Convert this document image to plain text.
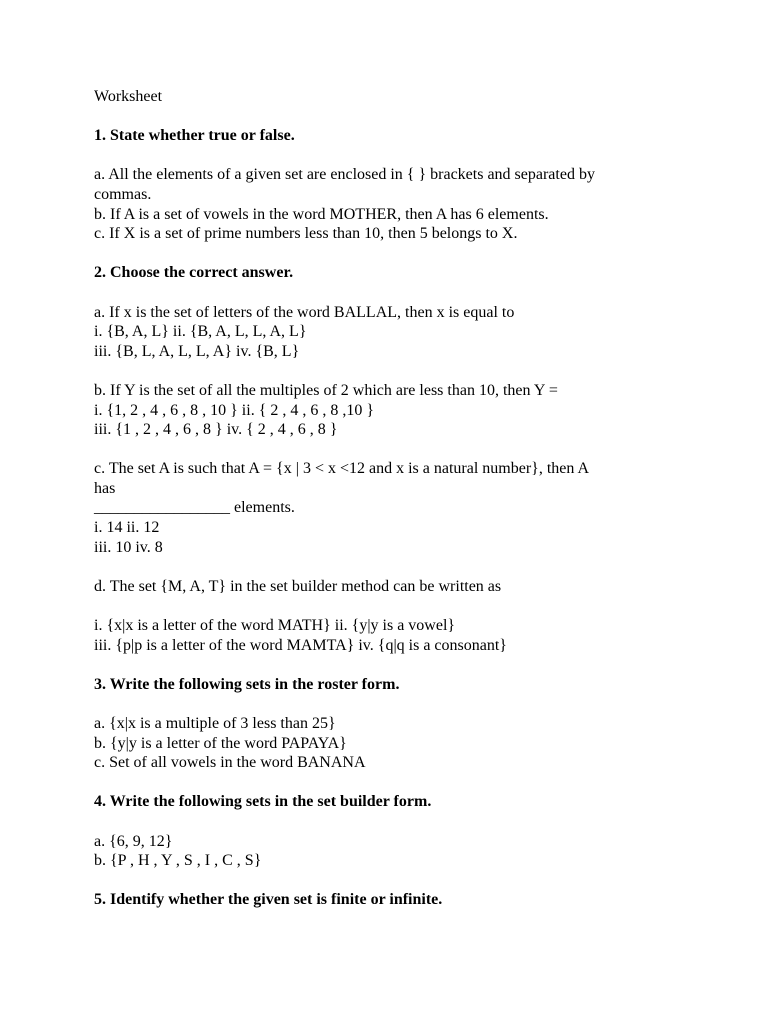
Worksheet
1. State whether true or false.
a. All the elements of a given set are enclosed in { } brackets and separated by
commas.
b. If A is a set of vowels in the word MOTHER, then A has 6 elements.
c. If X is a set of prime numbers less than 10, then 5 belongs to X.
2. Choose the correct answer.
a. If x is the set of letters of the word BALLAL, then x is equal to
i. {B, A, L} ii. {B, A, L, L, A, L}
iii. {B, L, A, L, L, A} iv. {B, L}
b. If Y is the set of all the multiples of 2 which are less than 10, then Y =
i. {1, 2 , 4 , 6 , 8 , 10 } ii. { 2 , 4 , 6 , 8 ,10 }
iii. {1 , 2 , 4 , 6 , 8 } iv. { 2 , 4 , 6 , 8 }
c. The set A is such that A = {x | 3 < x <12 and x is a natural number}, then A
has
_________________ elements.
i. 14 ii. 12
iii. 10 iv. 8
d. The set {M, A, T} in the set builder method can be written as
i. {x|x is a letter of the word MATH} ii. {y|y is a vowel}
iii. {p|p is a letter of the word MAMTA} iv. {q|q is a consonant}
3. Write the following sets in the roster form.
a. {x|x is a multiple of 3 less than 25}
b. {y|y is a letter of the word PAPAYA}
c. Set of all vowels in the word BANANA
4. Write the following sets in the set builder form.
a. {6, 9, 12}
b. {P , H , Y , S , I , C , S}
5. Identify whether the given set is finite or infinite.
